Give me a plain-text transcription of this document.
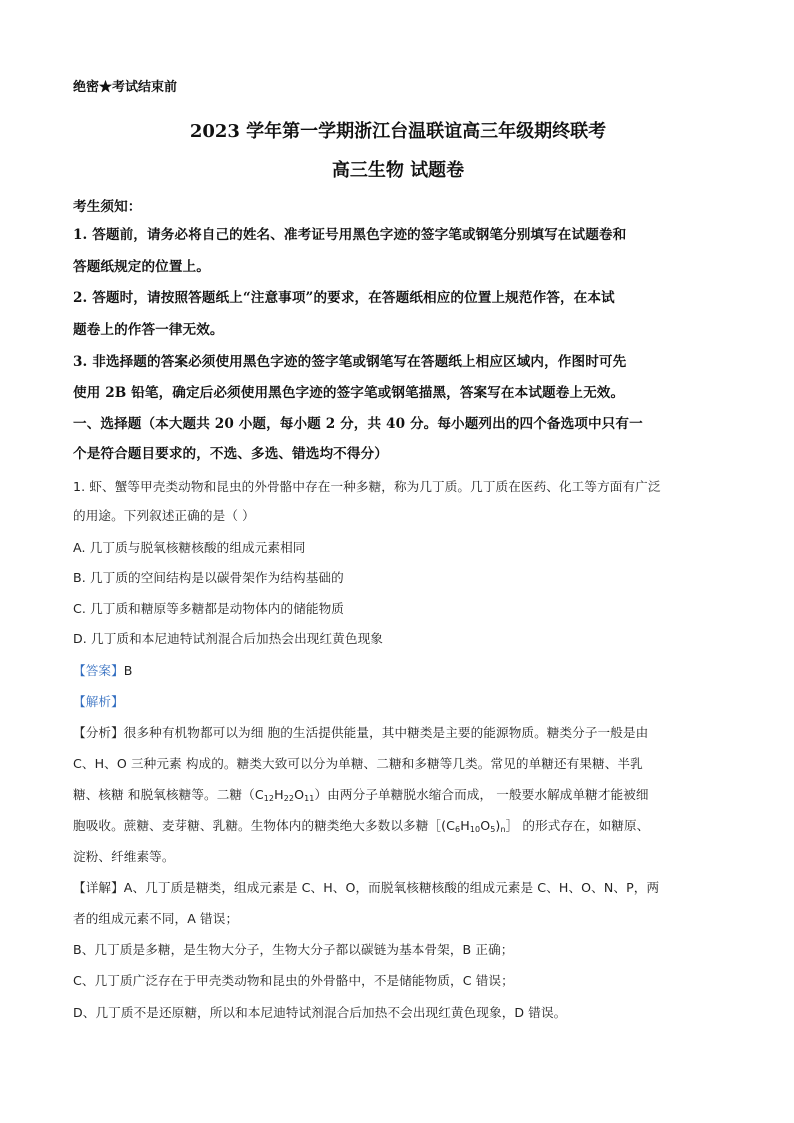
绝密★考试结束前
2023 学年第一学期浙江台温联谊高三年级期终联考
高三生物 试题卷
考生须知：
1. 答题前，请务必将自己的姓名、准考证号用黑色字迹的签字笔或钢笔分别填写在试题卷和
答题纸规定的位置上。
2. 答题时，请按照答题纸上“注意事项”的要求，在答题纸相应的位置上规范作答，在本试
题卷上的作答一律无效。
3. 非选择题的答案必须使用黑色字迹的签字笔或钢笔写在答题纸上相应区域内，作图时可先
使用 2B 铅笔，确定后必须使用黑色字迹的签字笔或钢笔描黑，答案写在本试题卷上无效。
一、选择题（本大题共 20 小题，每小题 2 分，共 40 分。每小题列出的四个备选项中只有一
个是符合题目要求的，不选、多选、错选均不得分）
1. 虾、蟹等甲壳类动物和昆虫的外骨骼中存在一种多糖，称为几丁质。几丁质在医药、化工等方面有广泛
的用途。下列叙述正确的是（ ）
A. 几丁质与脱氧核糖核酸的组成元素相同
B. 几丁质的空间结构是以碳骨架作为结构基础的
C. 几丁质和糖原等多糖都是动物体内的储能物质
D. 几丁质和本尼迪特试剂混合后加热会出现红黄色现象
【答案】B
【解析】
【分析】很多种有机物都可以为细 胞的生活提供能量，其中糖类是主要的能源物质。糖类分子一般是由
C、H、O 三种元素 构成的。糖类大致可以分为单糖、二糖和多糖等几类。常见的单糖还有果糖、半乳
糖、核糖 和脱氧核糖等。二糖$(C_{12}H_{22}O_{11})$由两分子单糖脱水缩合而成， 一般要水解成单糖才能被细
胞吸收。蔗糖、麦芽糖、乳糖。生物体内的糖类绝大多数以多糖$[(C_6H_{10}O_5)_n]$ 的形式存在，如糖原、
淀粉、纤维素等。
【详解】A、几丁质是糖类，组成元素是 C、H、O，而脱氧核糖核酸的组成元素是 C、H、O、N、P，两
者的组成元素不同，A 错误；
B、几丁质是多糖，是生物大分子，生物大分子都以碳链为基本骨架，B 正确；
C、几丁质广泛存在于甲壳类动物和昆虫的外骨骼中，不是储能物质，C 错误；
D、几丁质不是还原糖，所以和本尼迪特试剂混合后加热不会出现红黄色现象，D 错误。
